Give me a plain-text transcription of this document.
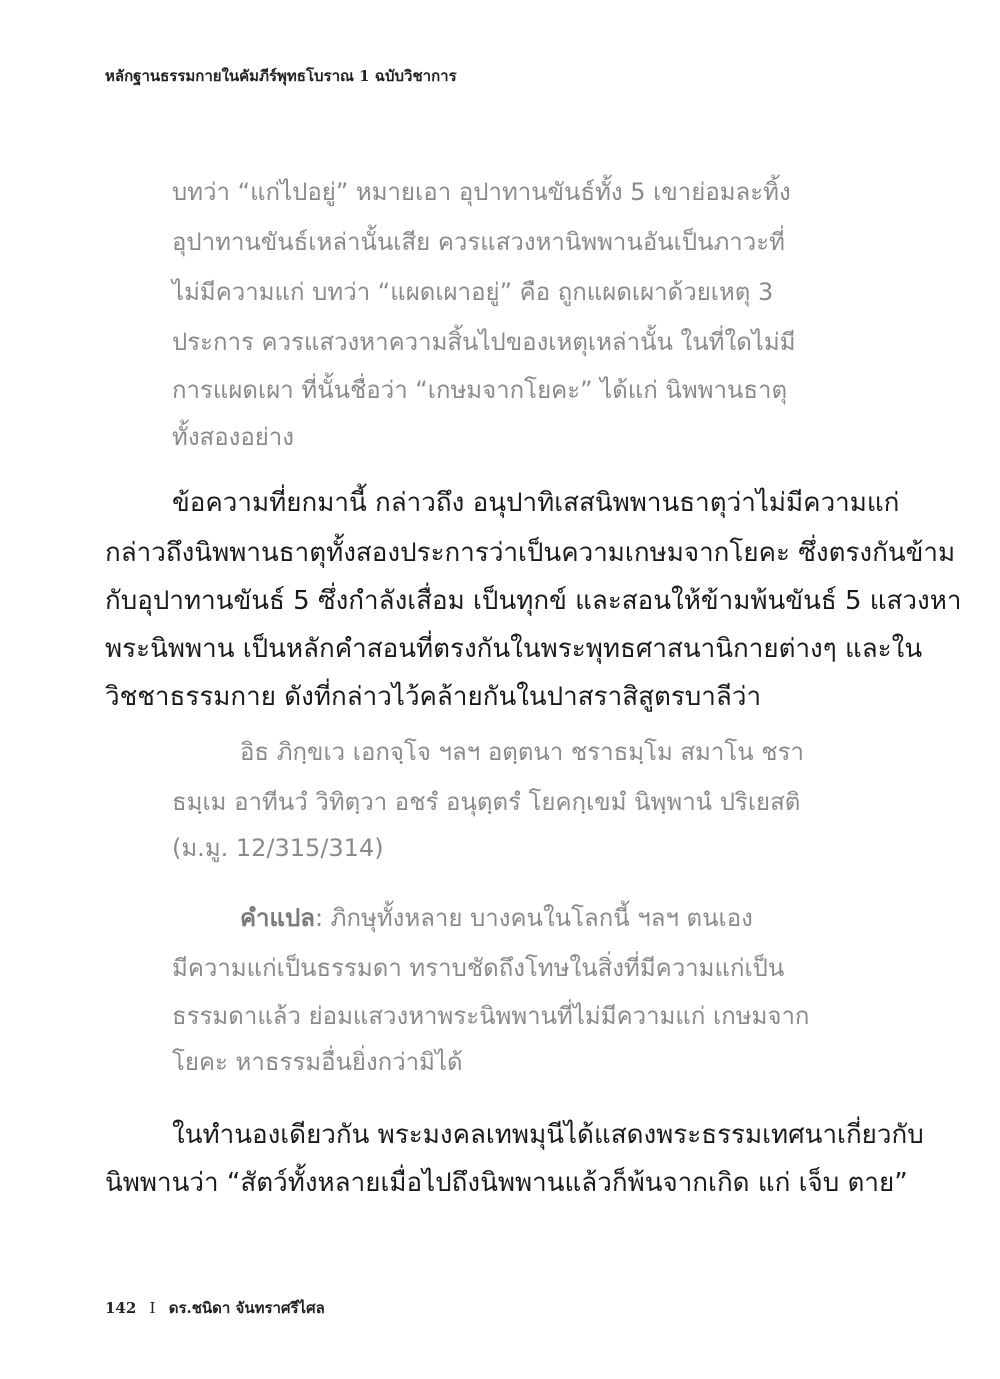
หลักฐานธรรมกายในคัมภีร์พุทธโบราณ 1 ฉบับวิชาการ
บทว่า “แก่ไปอยู่” หมายเอา อุปาทานขันธ์ทั้ง 5 เขาย่อมละทิ้ง
อุปาทานขันธ์เหล่านั้นเสีย ควรแสวงหานิพพานอันเป็นภาวะที่
ไม่มีความแก่ บทว่า “แผดเผาอยู่” คือ ถูกแผดเผาด้วยเหตุ 3
ประการ ควรแสวงหาความสิ้นไปของเหตุเหล่านั้น ในที่ใดไม่มี
การแผดเผา ที่นั้นชื่อว่า “เกษมจากโยคะ” ได้แก่ นิพพานธาตุ
ทั้งสองอย่าง
ข้อความที่ยกมานี้ กล่าวถึง อนุปาทิเสสนิพพานธาตุว่าไม่มีความแก่
กล่าวถึงนิพพานธาตุทั้งสองประการว่าเป็นความเกษมจากโยคะ ซึ่งตรงกันข้าม
กับอุปาทานขันธ์ 5 ซึ่งกำลังเสื่อม เป็นทุกข์ และสอนให้ข้ามพ้นขันธ์ 5 แสวงหา
พระนิพพาน เป็นหลักคำสอนที่ตรงกันในพระพุทธศาสนานิกายต่างๆ และใน
วิชชาธรรมกาย ดังที่กล่าวไว้คล้ายกันในปาสราสิสูตรบาลีว่า
อิธ ภิกฺขเว เอกจฺโจ ฯลฯ อตฺตนา ชราธมฺโม สมาโน ชรา
ธมฺเม อาทีนวํ วิทิตฺวา อชรํ อนุตฺตรํ โยคกฺเขมํ นิพฺพานํ ปริเยสติ
(ม.มู. 12/315/314)
คำแปล: ภิกษุทั้งหลาย บางคนในโลกนี้ ฯลฯ ตนเอง
มีความแก่เป็นธรรมดา ทราบชัดถึงโทษในสิ่งที่มีความแก่เป็น
ธรรมดาแล้ว ย่อมแสวงหาพระนิพพานที่ไม่มีความแก่ เกษมจาก
โยคะ หาธรรมอื่นยิ่งกว่ามิได้
ในทำนองเดียวกัน พระมงคลเทพมุนีได้แสดงพระธรรมเทศนาเกี่ยวกับ
นิพพานว่า “สัตว์ทั้งหลายเมื่อไปถึงนิพพานแล้วก็พ้นจากเกิด แก่ เจ็บ ตาย”
142 I ดร.ชนิดา จันทราศรีไศล
